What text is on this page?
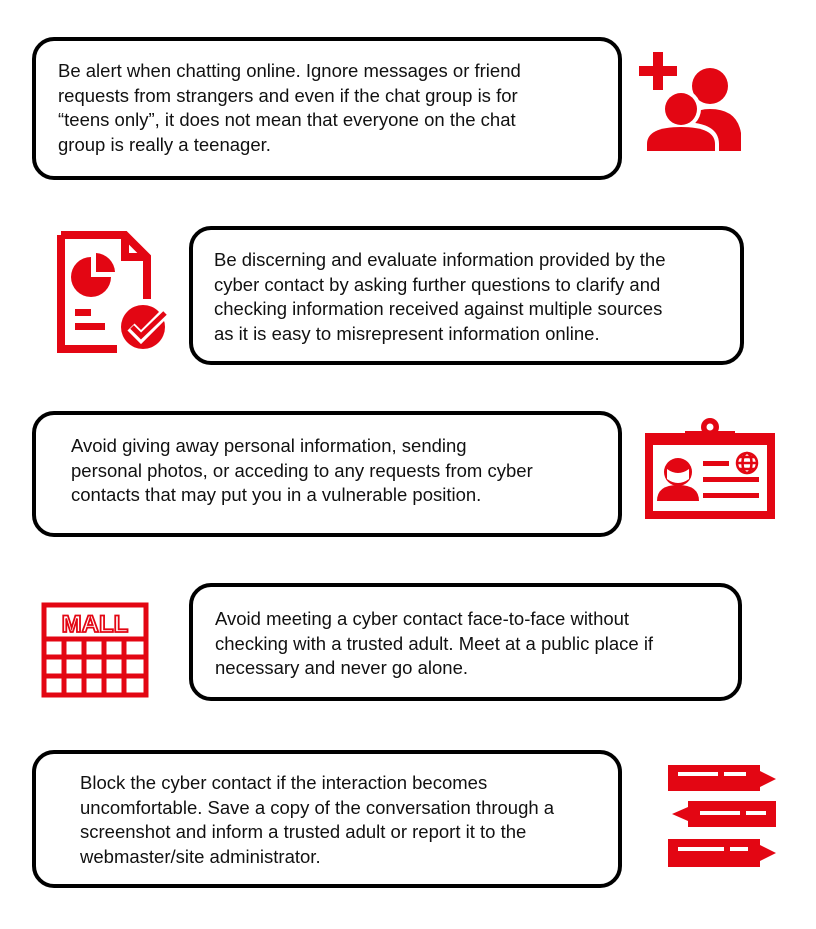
Be alert when chatting online. Ignore messages or friend
requests from strangers and even if the chat group is for
“teens only”, it does not mean that everyone on the chat
group is really a teenager.

Be discerning and evaluate information provided by the
cyber contact by asking further questions to clarify and
checking information received against multiple sources
as it is easy to misrepresent information online.

Avoid giving away personal information, sending
personal photos, or acceding to any requests from cyber
contacts that may put you in a vulnerable position.

Avoid meeting a cyber contact face-to-face without
checking with a trusted adult. Meet at a public place if
necessary and never go alone.

MALL

Block the cyber contact if the interaction becomes
uncomfortable. Save a copy of the conversation through a
screenshot and inform a trusted adult or report it to the
webmaster/site administrator.
